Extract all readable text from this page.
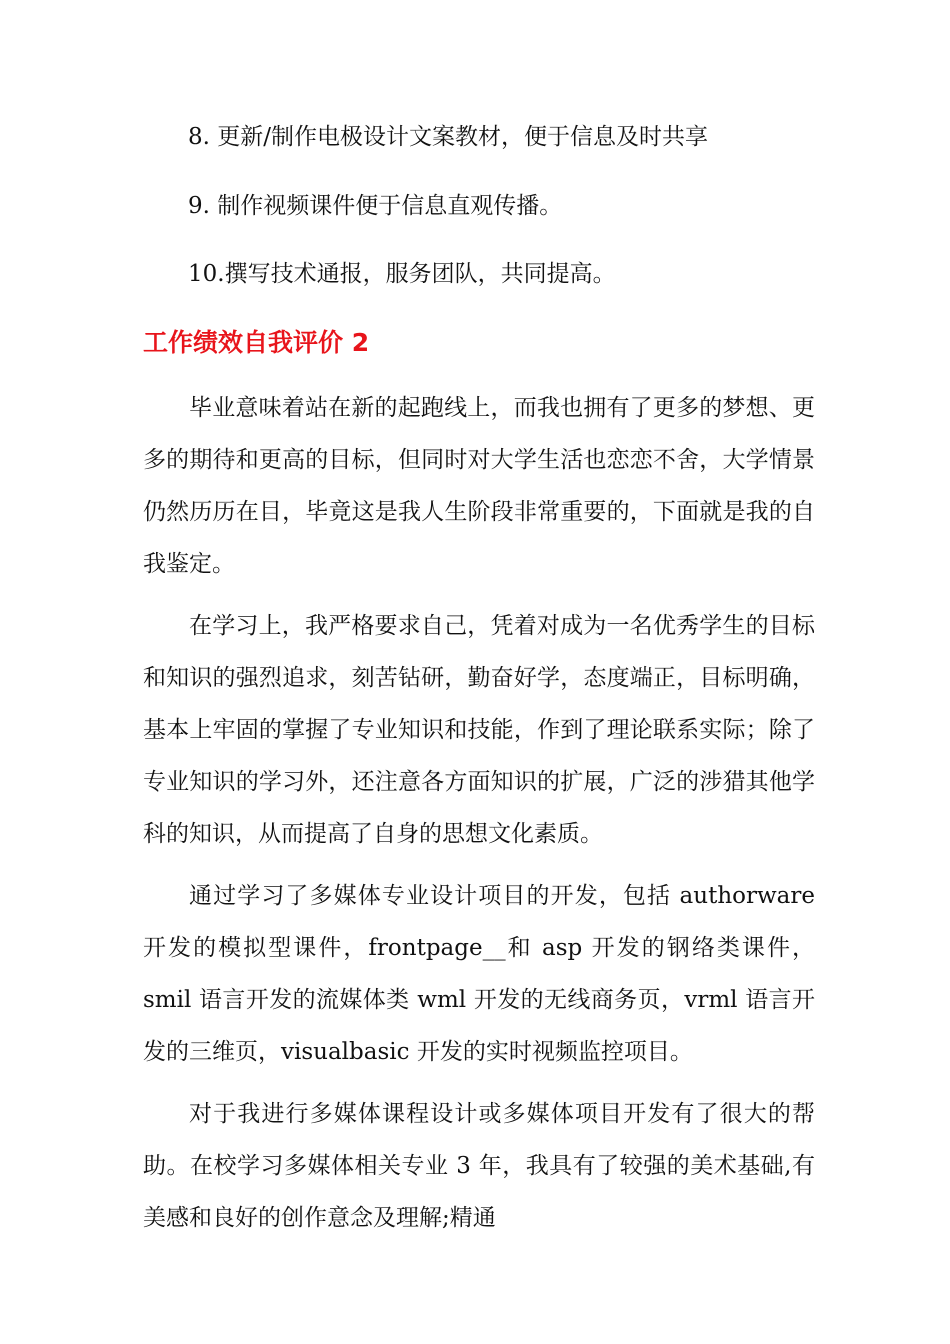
8. 更新/制作电极设计文案教材，便于信息及时共享
9. 制作视频课件便于信息直观传播。
10.撰写技术通报，服务团队，共同提高。
工作绩效自我评价 2

毕业意味着站在新的起跑线上，而我也拥有了更多的梦想、更多的期待和更高的目标，但同时对大学生活也恋恋不舍，大学情景仍然历历在目，毕竟这是我人生阶段非常重要的，下面就是我的自我鉴定。

在学习上，我严格要求自己，凭着对成为一名优秀学生的目标和知识的强烈追求，刻苦钻研，勤奋好学，态度端正，目标明确，基本上牢固的掌握了专业知识和技能，作到了理论联系实际；除了专业知识的学习外，还注意各方面知识的扩展，广泛的涉猎其他学科的知识，从而提高了自身的思想文化素质。

通过学习了多媒体专业设计项目的开发，包括 authorware 开发的模拟型课件，frontpage__和 asp 开发的钢络类课件，smil 语言开发的流媒体类 wml 开发的无线商务页，vrml 语言开发的三维页，visualbasic 开发的实时视频监控项目。

对于我进行多媒体课程设计或多媒体项目开发有了很大的帮助。在校学习多媒体相关专业 3 年，我具有了较强的美术基础,有美感和良好的创作意念及理解;精通
